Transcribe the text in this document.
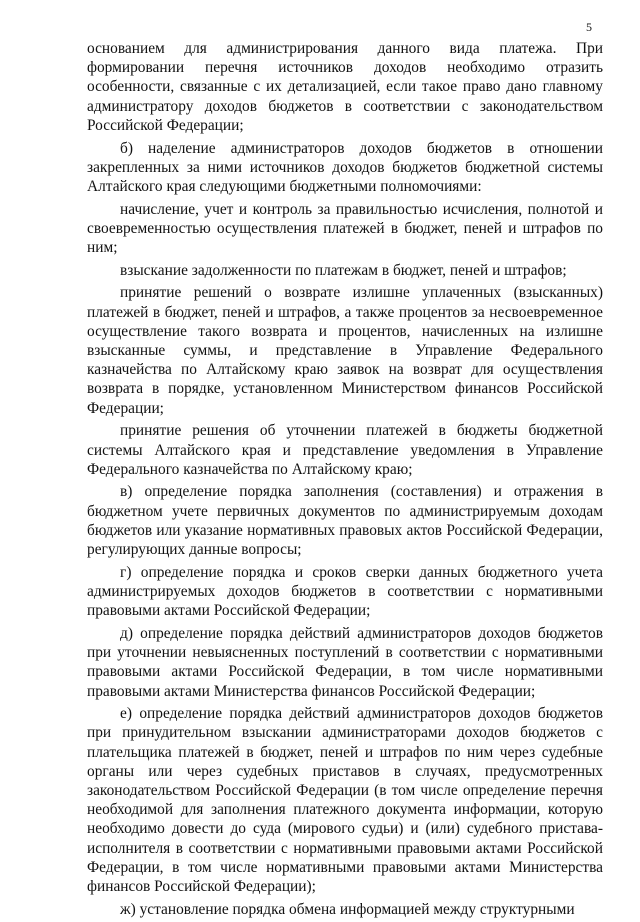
5

основанием для администрирования данного вида платежа. При формировании перечня источников доходов необходимо отразить особенности, связанные с их детализацией, если такое право дано главному администратору доходов бюджетов в соответствии с законодательством Российской Федерации;

б) наделение администраторов доходов бюджетов в отношении закрепленных за ними источников доходов бюджетов бюджетной системы Алтайского края следующими бюджетными полномочиями:

начисление, учет и контроль за правильностью исчисления, полнотой и своевременностью осуществления платежей в бюджет, пеней и штрафов по ним;

взыскание задолженности по платежам в бюджет, пеней и штрафов;

принятие решений о возврате излишне уплаченных (взысканных) платежей в бюджет, пеней и штрафов, а также процентов за несвоевременное осуществление такого возврата и процентов, начисленных на излишне взысканные суммы, и представление в Управление Федерального казначейства по Алтайскому краю заявок на возврат для осуществления возврата в порядке, установленном Министерством финансов Российской Федерации;

принятие решения об уточнении платежей в бюджеты бюджетной системы Алтайского края и представление уведомления в Управление Федерального казначейства по Алтайскому краю;

в) определение порядка заполнения (составления) и отражения в бюджетном учете первичных документов по администрируемым доходам бюджетов или указание нормативных правовых актов Российской Федерации, регулирующих данные вопросы;

г) определение порядка и сроков сверки данных бюджетного учета администрируемых доходов бюджетов в соответствии с нормативными правовыми актами Российской Федерации;

д) определение порядка действий администраторов доходов бюджетов при уточнении невыясненных поступлений в соответствии с нормативными правовыми актами Российской Федерации, в том числе нормативными правовыми актами Министерства финансов Российской Федерации;

е) определение порядка действий администраторов доходов бюджетов при принудительном взыскании администраторами доходов бюджетов с плательщика платежей в бюджет, пеней и штрафов по ним через судебные органы или через судебных приставов в случаях, предусмотренных законодательством Российской Федерации (в том числе определение перечня необходимой для заполнения платежного документа информации, которую необходимо довести до суда (мирового судьи) и (или) судебного пристава-исполнителя в соответствии с нормативными правовыми актами Российской Федерации, в том числе нормативными правовыми актами Министерства финансов Российской Федерации);

ж) установление порядка обмена информацией между структурными
